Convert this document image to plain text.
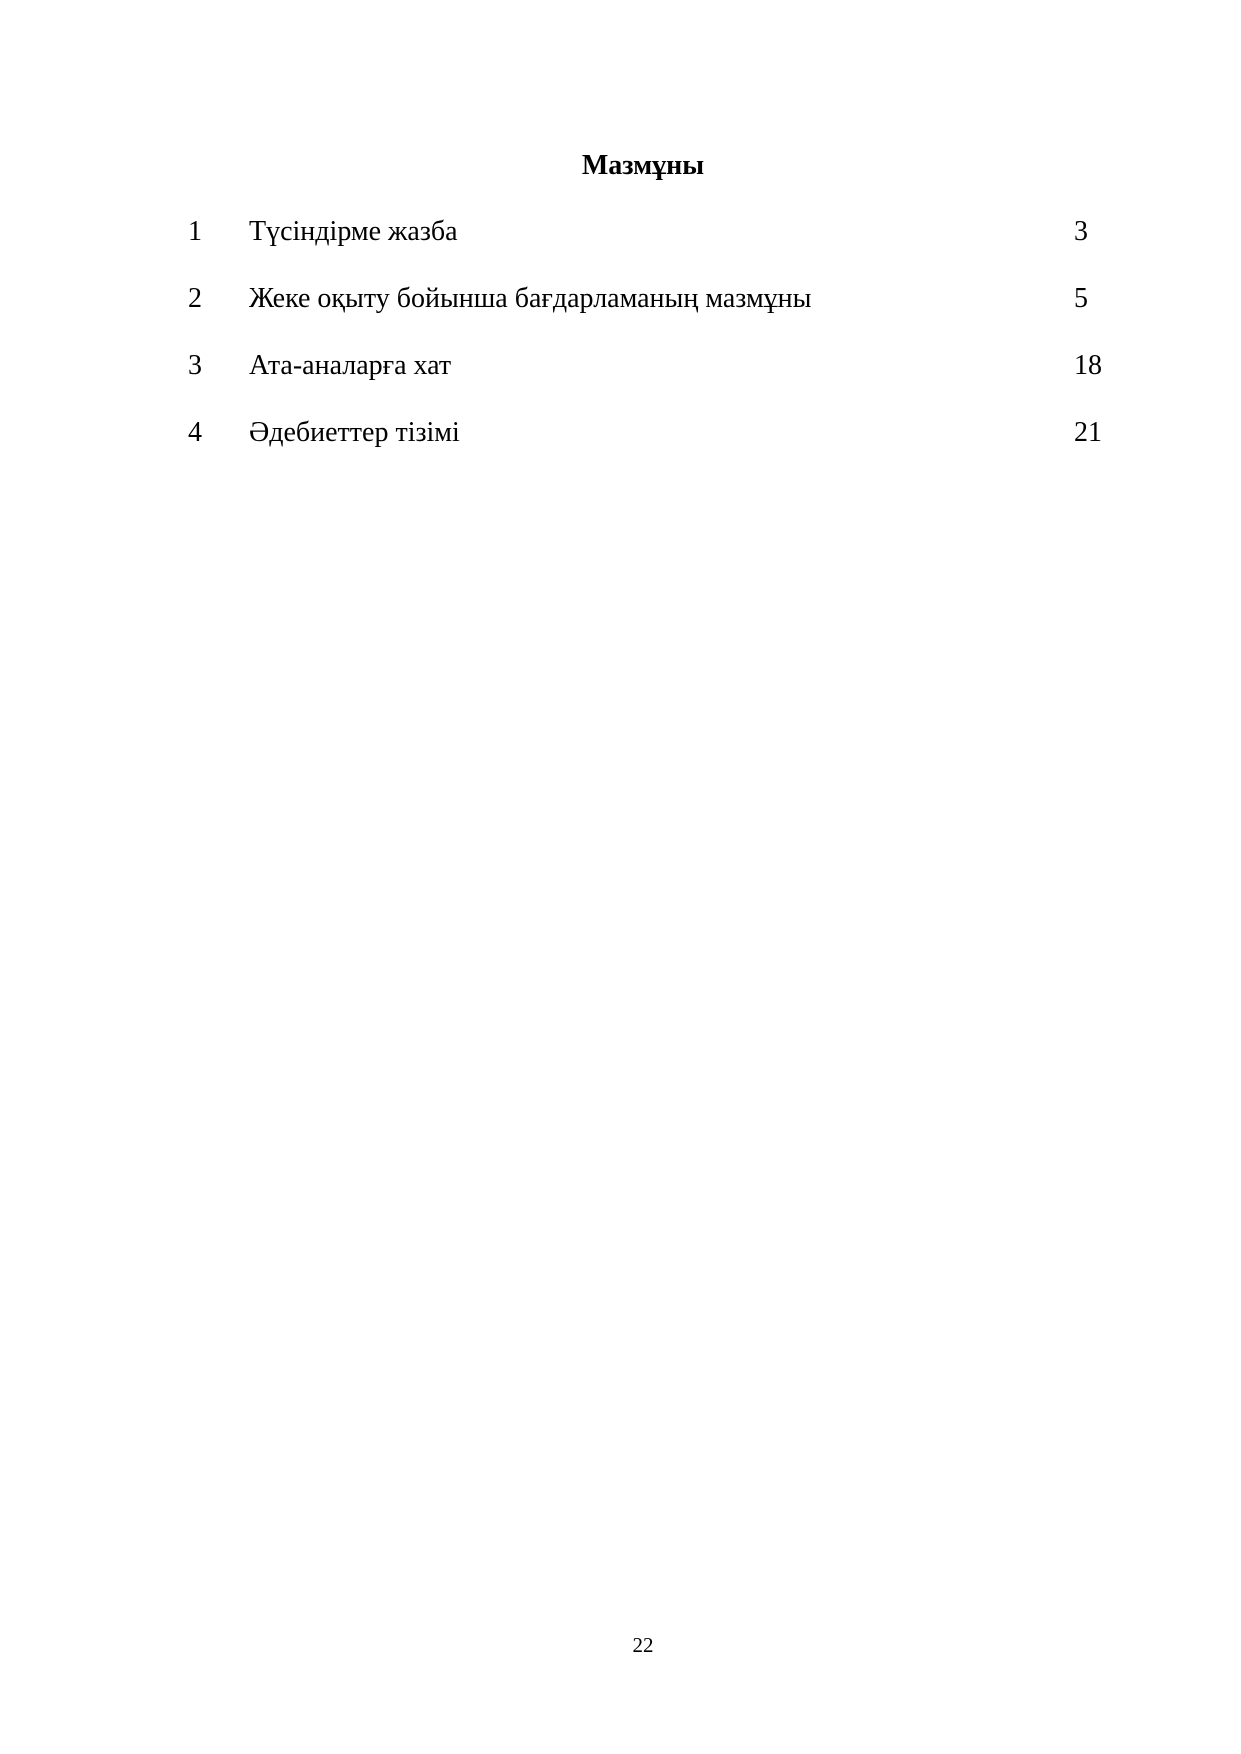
Мазмұны
1	Түсіндірме жазба	3
2	Жеке оқыту бойынша бағдарламаның мазмұны	5
3	Ата-аналарға хат	18
4	Әдебиеттер тізімі	21
22
